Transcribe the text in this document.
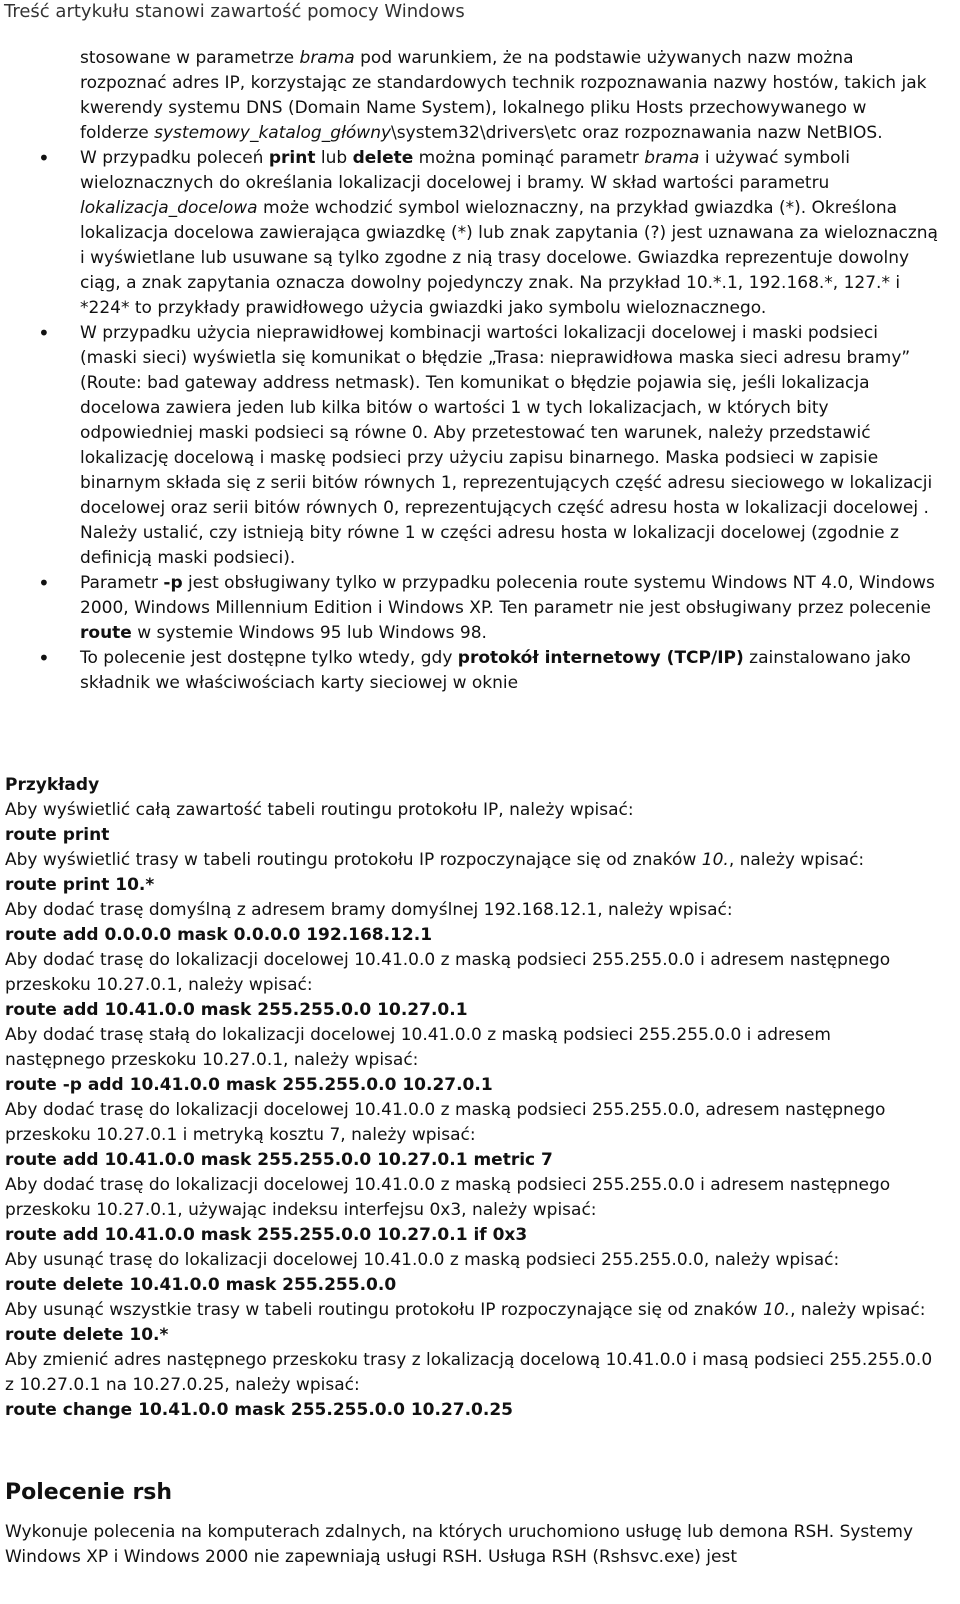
Treść artykułu stanowi zawartość pomocy Windows
stosowane w parametrze brama pod warunkiem, że na podstawie używanych nazw można rozpoznać adres IP, korzystając ze standardowych technik rozpoznawania nazwy hostów, takich jak kwerendy systemu DNS (Domain Name System), lokalnego pliku Hosts przechowywanego w folderze systemowy_katalog_główny\system32\drivers\etc oraz rozpoznawania nazw NetBIOS.
• W przypadku poleceń print lub delete można pominąć parametr brama i używać symboli wieloznacznych do określania lokalizacji docelowej i bramy. W skład wartości parametru lokalizacja_docelowa może wchodzić symbol wieloznaczny, na przykład gwiazdka (*). Określona lokalizacja docelowa zawierająca gwiazdkę (*) lub znak zapytania (?) jest uznawana za wieloznaczną i wyświetlane lub usuwane są tylko zgodne z nią trasy docelowe. Gwiazdka reprezentuje dowolny ciąg, a znak zapytania oznacza dowolny pojedynczy znak. Na przykład 10.*.1, 192.168.*, 127.* i *224* to przykłady prawidłowego użycia gwiazdki jako symbolu wieloznacznego.
• W przypadku użycia nieprawidłowej kombinacji wartości lokalizacji docelowej i maski podsieci (maski sieci) wyświetla się komunikat o błędzie „Trasa: nieprawidłowa maska sieci adresu bramy” (Route: bad gateway address netmask). Ten komunikat o błędzie pojawia się, jeśli lokalizacja docelowa zawiera jeden lub kilka bitów o wartości 1 w tych lokalizacjach, w których bity odpowiedniej maski podsieci są równe 0. Aby przetestować ten warunek, należy przedstawić lokalizację docelową i maskę podsieci przy użyciu zapisu binarnego. Maska podsieci w zapisie binarnym składa się z serii bitów równych 1, reprezentujących część adresu sieciowego w lokalizacji docelowej oraz serii bitów równych 0, reprezentujących część adresu hosta w lokalizacji docelowej . Należy ustalić, czy istnieją bity równe 1 w części adresu hosta w lokalizacji docelowej (zgodnie z definicją maski podsieci).
• Parametr -p jest obsługiwany tylko w przypadku polecenia route systemu Windows NT 4.0, Windows 2000, Windows Millennium Edition i Windows XP. Ten parametr nie jest obsługiwany przez polecenie route w systemie Windows 95 lub Windows 98.
• To polecenie jest dostępne tylko wtedy, gdy protokół internetowy (TCP/IP) zainstalowano jako składnik we właściwościach karty sieciowej w oknie

Przykłady

Aby wyświetlić całą zawartość tabeli routingu protokołu IP, należy wpisać:

route print

Aby wyświetlić trasy w tabeli routingu protokołu IP rozpoczynające się od znaków 10., należy wpisać:

route print 10.*

Aby dodać trasę domyślną z adresem bramy domyślnej 192.168.12.1, należy wpisać:

route add 0.0.0.0 mask 0.0.0.0 192.168.12.1

Aby dodać trasę do lokalizacji docelowej 10.41.0.0 z maską podsieci 255.255.0.0 i adresem następnego przeskoku 10.27.0.1, należy wpisać:

route add 10.41.0.0 mask 255.255.0.0 10.27.0.1

Aby dodać trasę stałą do lokalizacji docelowej 10.41.0.0 z maską podsieci 255.255.0.0 i adresem następnego przeskoku 10.27.0.1, należy wpisać:

route -p add 10.41.0.0 mask 255.255.0.0 10.27.0.1

Aby dodać trasę do lokalizacji docelowej 10.41.0.0 z maską podsieci 255.255.0.0, adresem następnego przeskoku 10.27.0.1 i metryką kosztu 7, należy wpisać:

route add 10.41.0.0 mask 255.255.0.0 10.27.0.1 metric 7

Aby dodać trasę do lokalizacji docelowej 10.41.0.0 z maską podsieci 255.255.0.0 i adresem następnego przeskoku 10.27.0.1, używając indeksu interfejsu 0x3, należy wpisać:

route add 10.41.0.0 mask 255.255.0.0 10.27.0.1 if 0x3

Aby usunąć trasę do lokalizacji docelowej 10.41.0.0 z maską podsieci 255.255.0.0, należy wpisać:

route delete 10.41.0.0 mask 255.255.0.0

Aby usunąć wszystkie trasy w tabeli routingu protokołu IP rozpoczynające się od znaków 10., należy wpisać:

route delete 10.*

Aby zmienić adres następnego przeskoku trasy z lokalizacją docelową 10.41.0.0 i masą podsieci 255.255.0.0 z 10.27.0.1 na 10.27.0.25, należy wpisać:

route change 10.41.0.0 mask 255.255.0.0 10.27.0.25

Polecenie rsh

Wykonuje polecenia na komputerach zdalnych, na których uruchomiono usługę lub demona RSH. Systemy Windows XP i Windows 2000 nie zapewniają usługi RSH. Usługa RSH (Rshsvc.exe) jest
